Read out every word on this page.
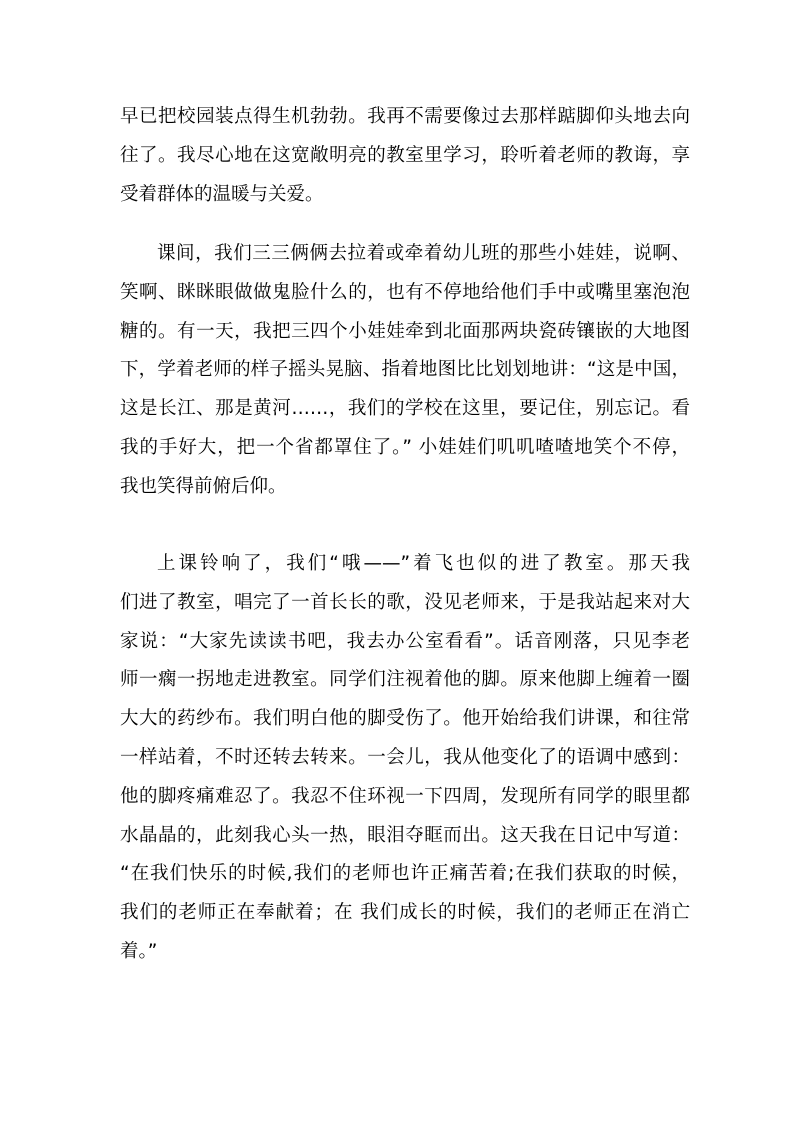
早已把校园装点得生机勃勃。我再不需要像过去那样踮脚仰头地去向
往了。我尽心地在这宽敞明亮的教室里学习，聆听着老师的教诲，享
受着群体的温暖与关爱。
课间，我们三三俩俩去拉着或牵着幼儿班的那些小娃娃，说啊、
笑啊、眯眯眼做做鬼脸什么的，也有不停地给他们手中或嘴里塞泡泡
糖的。有一天，我把三四个小娃娃牵到北面那两块瓷砖镶嵌的大地图
下，学着老师的样子摇头晃脑、指着地图比比划划地讲：“这是中国，
这是长江、那是黄河……，我们的学校在这里，要记住，别忘记。看
我的手好大，把一个省都罩住了。” 小娃娃们叽叽喳喳地笑个不停，
我也笑得前俯后仰。
上课铃响了，我们“哦——”着飞也似的进了教室。那天我
们进了教室，唱完了一首长长的歌，没见老师来，于是我站起来对大
家说：“大家先读读书吧，我去办公室看看”。话音刚落，只见李老
师一瘸一拐地走进教室。同学们注视着他的脚。原来他脚上缠着一圈
大大的药纱布。我们明白他的脚受伤了。他开始给我们讲课，和往常
一样站着，不时还转去转来。一会儿，我从他变化了的语调中感到：
他的脚疼痛难忍了。我忍不住环视一下四周，发现所有同学的眼里都
水晶晶的，此刻我心头一热，眼泪夺眶而出。这天我在日记中写道：
“在我们快乐的时候,我们的老师也许正痛苦着;在我们获取的时候，
我们的老师正在奉献着；在 我们成长的时候，我们的老师正在消亡
着。”
